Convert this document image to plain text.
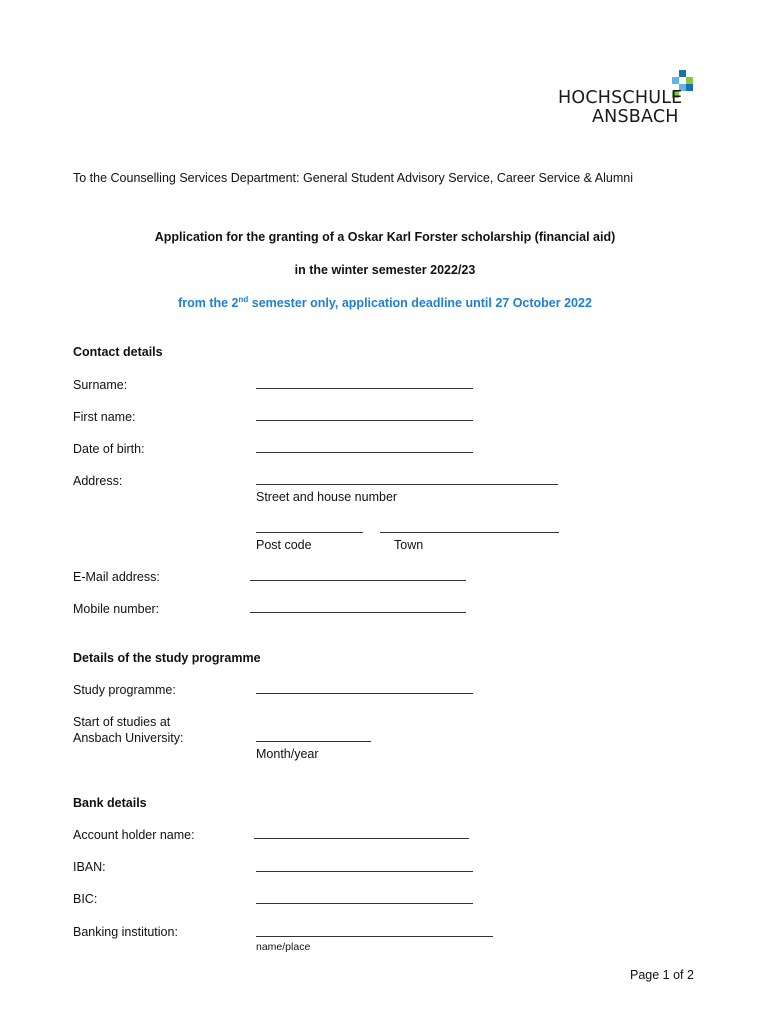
HOCHSCHULE
ANSBACH
To the Counselling Services Department: General Student Advisory Service, Career Service & Alumni
Application for the granting of a Oskar Karl Forster scholarship (financial aid)
in the winter semester 2022/23
from the 2nd semester only, application deadline until 27 October 2022
Contact details
Surname:
First name:
Date of birth:
Address:
Street and house number
Post code	Town
E-Mail address:
Mobile number:
Details of the study programme
Study programme:
Start of studies at
Ansbach University:
Month/year
Bank details
Account holder name:
IBAN:
BIC:
Banking institution:
name/place
Page 1 of 2
